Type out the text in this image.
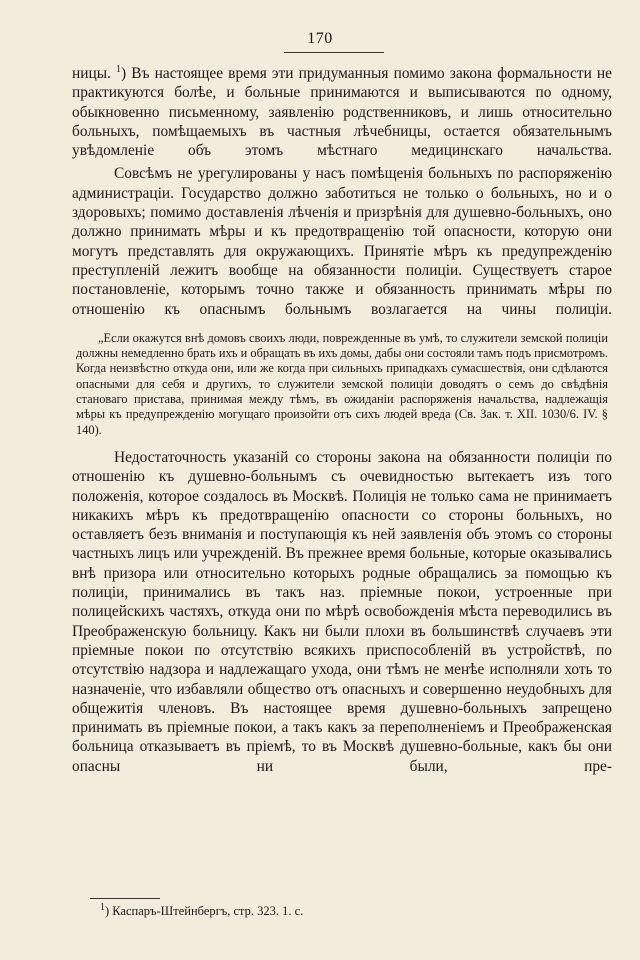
170

ницы. $^1$) Въ настоящее время эти придуманныя помимо закона формальности не практикуются болѣе, и больные принимаются и выписываются по одному, обыкновенно письменному, заявленію родственниковъ, и лишь относительно больныхъ, помѣщаемыхъ въ частныя лѣчебницы, остается обязательнымъ увѣдомленіе объ этомъ мѣстнаго медицинскаго начальства.

Совсѣмъ не урегулированы у насъ помѣщенія больныхъ по распоряженію администраціи. Государство должно заботиться не только о больныхъ, но и о здоровыхъ; помимо доставленія лѣченія и призрѣнія для душевно-больныхъ, оно должно принимать мѣры и къ предотвращенію той опасности, которую они могутъ представлять для окружающихъ. Принятіе мѣръ къ предупрежденію преступленій лежитъ вообще на обязанности полиціи. Существуетъ старое постановленіе, которымъ точно также и обязанность принимать мѣры по отношенію къ опаснымъ больнымъ возлагается на чины полиціи.

„Если окажутся внѣ домовъ своихъ люди, поврежденные въ умѣ, то служители земской полиціи должны немедленно брать ихъ и обращать въ ихъ домы, дабы они состояли тамъ подъ присмотромъ. Когда неизвѣстно откуда они, или же когда при сильныхъ припадкахъ сумасшествія, они сдѣлаются опасными для себя и другихъ, то служители земской полиціи доводятъ о семъ до свѣдѣнія становаго пристава, принимая между тѣмъ, въ ожиданіи распоряженія начальства, надлежащія мѣры къ предупрежденію могущаго произойти отъ сихъ людей вреда (Св. Зак. т. XII. 1030/6. IV. § 140).

Недостаточность указаній со стороны закона на обязанности полиціи по отношенію къ душевно-больнымъ съ очевидностью вытекаетъ изъ того положенія, которое создалось въ Москвѣ. Полиція не только сама не принимаетъ никакихъ мѣръ къ предотвращенію опасности со стороны больныхъ, но оставляетъ безъ вниманія и поступающія къ ней заявленія объ этомъ со стороны частныхъ лицъ или учрежденій. Въ прежнее время больные, которые оказывались внѣ призора или относительно которыхъ родные обращались за помощью къ полиціи, принимались въ такъ наз. пріемные покои, устроенные при полицейскихъ частяхъ, откуда они по мѣрѣ освобожденія мѣста переводились въ Преображенскую больницу. Какъ ни были плохи въ большинствѣ случаевъ эти пріемные покои по отсутствію всякихъ приспособленій въ устройствѣ, по отсутствію надзора и надлежащаго ухода, они тѣмъ не менѣе исполняли хоть то назначеніе, что избавляли общество отъ опасныхъ и совершенно неудобныхъ для общежитія членовъ. Въ настоящее время душевно-больныхъ запрещено принимать въ пріемные покои, а такъ какъ за переполненіемъ и Преображенская больница отказываетъ въ пріемѣ, то въ Москвѣ душевно-больные, какъ бы они опасны ни были, пре-

$^1$) Каспаръ-Штейнбергъ, стр. 323. 1. с.
